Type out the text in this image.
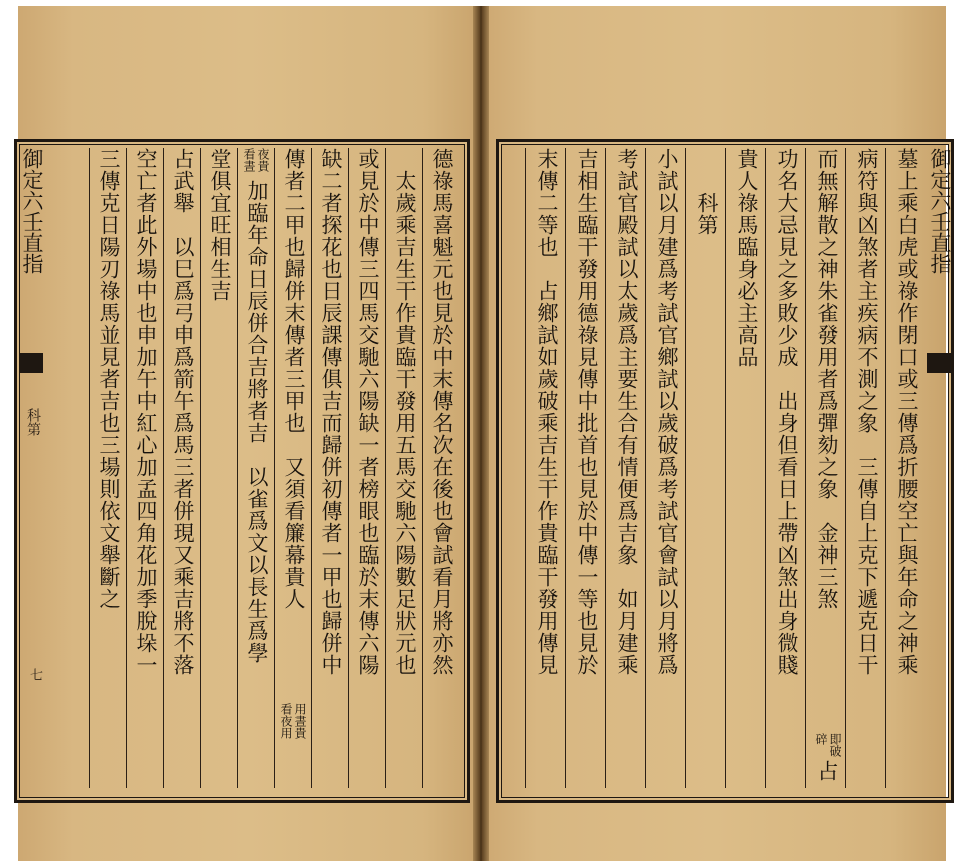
德祿馬喜魁元也見於中末傳名次在後也會試看月將亦然
　太歲乘吉生干作貴臨干發用五馬交馳六陽數足狀元也
或見於中傳三四馬交馳六陽缺一者榜眼也臨於末傳六陽
缺二者探花也日辰課傳俱吉而歸併初傳者一甲也歸併中
傳者二甲也歸併末傳者三甲也　又須看簾幕貴人
用晝貴
看夜用
加臨年命日辰併合吉將者吉　以雀爲文以長生爲學
夜貴
看晝
堂俱宜旺相生吉
占武舉　以巳爲弓申爲箭午爲馬三者併現又乘吉將不落
空亡者此外場中也申加午中紅心加孟四角花加季脫垛一
三傳克日陽刃祿馬並見者吉也三場則依文舉斷之
御定六壬直指
科第
七
御定六壬直指
墓上乘白虎或祿作閉口或三傳爲折腰空亡與年命之神乘
病符與凶煞者主疾病不測之象　三傳自上克下遞克日干
而無解散之神朱雀發用者爲彈劾之象　金神三煞
即破
碎
占
功名大忌見之多敗少成　出身但看日上帶凶煞出身微賤
貴人祿馬臨身必主高品
　　科第
小試以月建爲考試官鄉試以歲破爲考試官會試以月將爲
考試官殿試以太歲爲主要生合有情便爲吉象　如月建乘
吉相生臨干發用德祿見傳中批首也見於中傳一等也見於
末傳二等也　占鄉試如歲破乘吉生干作貴臨干發用傳見
